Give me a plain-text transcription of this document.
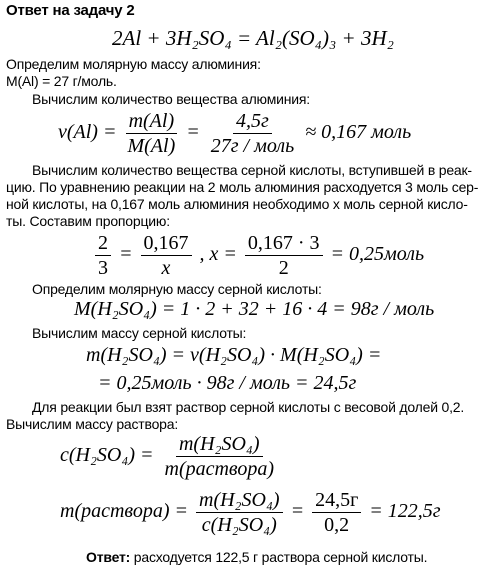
Ответ на задачу 2
2Al + 3H₂SO₄ = Al₂(SO₄)₃ + 3H₂
Определим молярную массу алюминия:
M(Al) = 27 г/моль.
Вычислим количество вещества алюминия:
$\nu(Al) = \frac{m(Al)}{M(Al)} = \frac{4,5г}{\text{27г / моль}} \approx 0,167$ моль
Вычислим количество вещества серной кислоты, вступившей в реак-
цию. По уравнению реакции на 2 моль алюминия расходуется 3 моль сер-
ной кислоты, на 0,167 моль алюминия необходимо x моль серной кисло-
ты. Составим пропорцию:
$\frac{2}{3} = \frac{0,167}{x}$ , $x = \frac{0,167 \cdot 3}{2}$ = 0,25моль
Определим молярную массу серной кислоты:
M(H₂SO₄) = 1 · 2 + 32 + 16 · 4 = 98г / моль
Вычислим массу серной кислоты:
m(H₂SO₄) = ν(H₂SO₄) · M(H₂SO₄) =
= 0,25моль · 98г / моль = 24,5г
Для реакции был взят раствор серной кислоты с весовой долей 0,2.
Вычислим массу раствора:
$c(H_2SO_4) = \frac{\text{m(H₂SO₄)}}{\text{m(раствора)}}$
m(раствора) = $\frac{\text{m(H₂SO₄)}}{\text{c(H₂SO₄)}} = \frac{24,5г}{0,2} = 122,5г$
Ответ: расходуется 122,5 г раствора серной кислоты.
